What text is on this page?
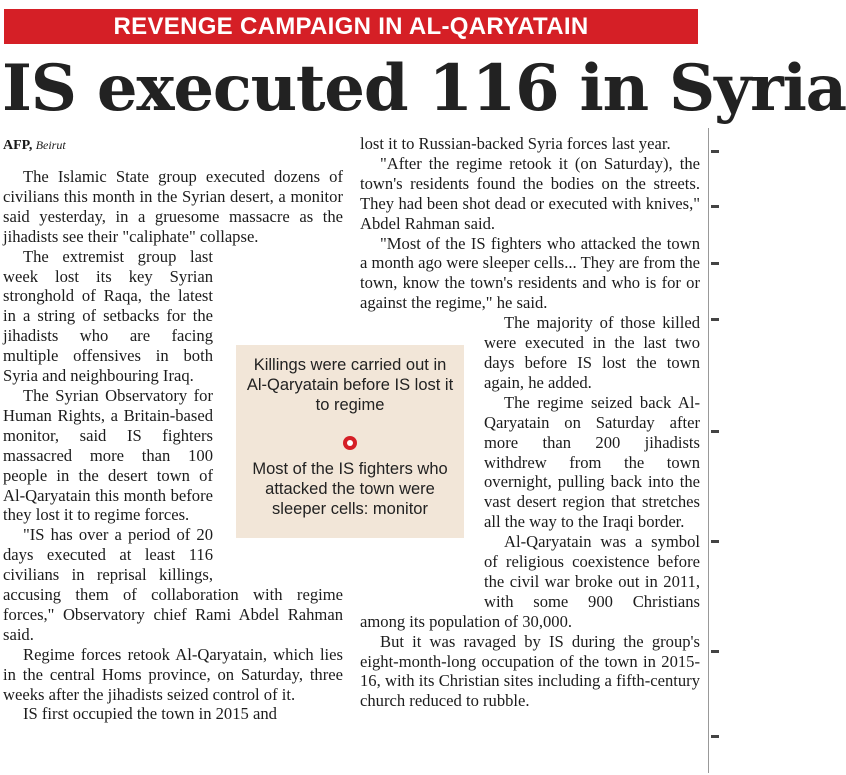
REVENGE CAMPAIGN IN AL-QARYATAIN
IS executed 116 in Syria
AFP, Beirut

The Islamic State group executed dozens of civilians this month in the Syrian desert, a monitor said yesterday, in a gruesome massacre as the jihadists see their "caliphate" collapse.

The extremist group last week lost its key Syrian stronghold of Raqa, the latest in a string of setbacks for the jihadists who are facing multiple offensives in both Syria and neighbouring Iraq.

The Syrian Observatory for Human Rights, a Britain-based monitor, said IS fighters massacred more than 100 people in the desert town of Al-Qaryatain this month before they lost it to regime forces.

"IS has over a period of 20 days executed at least 116 civilians in reprisal killings, accusing them of collaboration with regime forces," Observatory chief Rami Abdel Rahman said.

Regime forces retook Al-Qaryatain, which lies in the central Homs province, on Saturday, three weeks after the jihadists seized control of it.

IS first occupied the town in 2015 and

lost it to Russian-backed Syria forces last year.

"After the regime retook it (on Saturday), the town's residents found the bodies on the streets. They had been shot dead or executed with knives," Abdel Rahman said.

"Most of the IS fighters who attacked the town a month ago were sleeper cells... They are from the town, know the town's residents and who is for or against the regime," he said.

The majority of those killed were executed in the last two days before IS lost the town again, he added.

The regime seized back Al-Qaryatain on Saturday after more than 200 jihadists withdrew from the town overnight, pulling back into the vast desert region that stretches all the way to the Iraqi border.

Al-Qaryatain was a symbol of religious coexistence before the civil war broke out in 2011, with some 900 Christians among its population of 30,000.

But it was ravaged by IS during the group's eight-month-long occupation of the town in 2015-16, with its Christian sites including a fifth-century church reduced to rubble.

Killings were carried out in Al-Qaryatain before IS lost it to regime
Most of the IS fighters who attacked the town were sleeper cells: monitor
